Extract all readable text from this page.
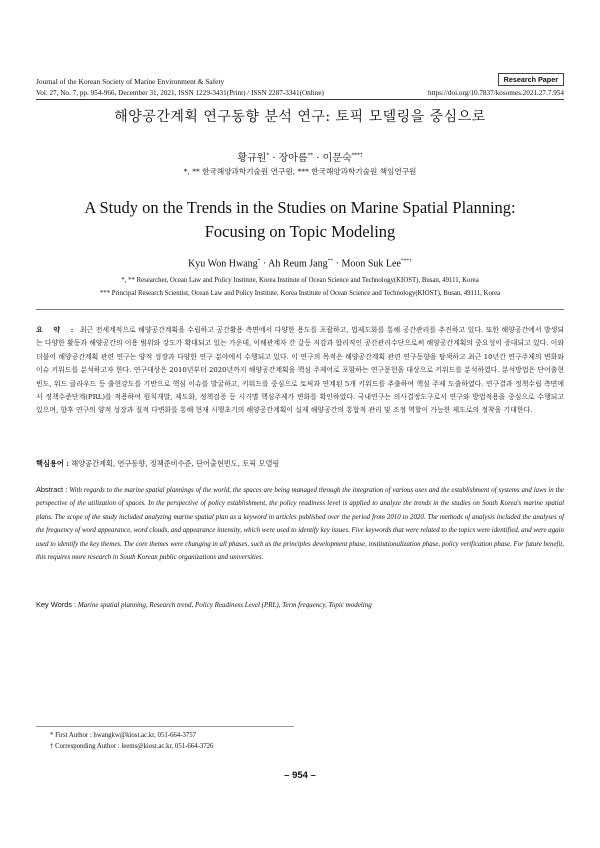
Journal of the Korean Society of Marine Environment & Safety	Research Paper
Vol. 27, No. 7, pp. 954-966, December 31, 2021, ISSN 1229-3431(Print) / ISSN 2287-3341(Online)	https://doi.org/10.7837/kosomes.2021.27.7.954
해양공간계획 연구동향 분석 연구: 토픽 모델링을 중심으로
황규원* · 장아름** · 이문숙***†
*, ** 한국해양과학기술원 연구원, *** 한국해양과학기술원 책임연구원
A Study on the Trends in the Studies on Marine Spatial Planning:
Focusing on Topic Modeling
Kyu Won Hwang* · Ah Reum Jang** · Moon Suk Lee***†
*, ** Researcher, Ocean Law and Policy Institute, Korea Institute of Ocean Science and Technology(KIOST), Busan, 49111, Korea
*** Principal Research Scientist, Ocean Law and Policy Institute, Korea Institute of Ocean Science and Technology(KIOST), Busan, 49111, Korea
요 약 : 최근 전세계적으로 해양공간계획을 수립하고 공간활용 측면에서 다양한 용도를 포괄하고, 법제도화를 통해 공간관리를 추진하고 있다. 또한 해양공간에서 발생되는 다양한 활동과 해양공간의 이용 범위와 강도가 확대되고 있는 가운데, 이해관계자 간 갈등 저감과 합리적인 공간관리수단으로써 해양공간계획의 중요성이 증대되고 있다. 이와 더불어 해양공간계획 관련 연구는 양적 성장과 다양한 연구 분야에서 수행되고 있다. 이 연구의 목적은 해양공간계획 관련 연구동향을 탐색하고 최근 10년간 연구주제의 변화와 이슈 키워드를 분석하고자 한다. 연구대상은 2010년부터 2020년까지 해양공간계획을 핵심 주제어로 포함하는 연구문헌을 대상으로 키워드를 분석하였다. 분석방법은 단어출현빈도, 워드 클라우드 등 출현강도를 기반으로 핵심 이슈를 발굴하고, 키워드를 중심으로 토픽과 연계된 5개 키워드를 추출하여 핵심 주제 도출하였다. 연구결과 정책수립 측면에서 정책수준단계(PRL)를 적용하여 원칙개발, 제도화, 정책검증 등 시기별 핵심주제가 변화를 확인하였다. 국내연구는 의사결정도구로서 연구와 방법적용을 중심으로 수행되고 있으며, 향후 연구의 양적 성장과 질적 다변화를 통해 현재 시행초기의 해양공간계획이 실제 해양공간의 통합적 관리 및 조정 역할이 가능한 제도로의 정착을 기대한다.
핵심용어 : 해양공간계획, 연구동향, 정책준비수준, 단어출현빈도, 토픽 모델링
Abstract : With regards to the marine spatial plannings of the world, the spaces are being managed through the integration of various uses and the establishment of systems and laws in the perspective of the utilization of spaces. In the perspective of policy establishment, the policy readiness level is applied to analyze the trends in the studies on South Korea's marine spatial plans. The scope of the study included analyzing marine spatial plan as a keyword in articles published over the period from 2010 to 2020. The methods of analysis included the analyses of the frequency of word appearance, word clouds, and appearance intensity, which were used to identify key issues. Five keywords that were related to the topics were identified, and were again used to identify the key themes. The core themes were changing in all phases, such as the principles development phase, institutionalization phase, policy verification phase. For future benefit, this requires more research in South Korean public organizations and universities.
Key Words : Marine spatial planning, Research trend, Policy Readiness Level (PRL), Term frequency, Topic modeling
* First Author : hwangkw@kiost.ac.kr, 051-664-3757
† Corresponding Author : leems@kiost.ac.kr, 051-664-3726
– 954 –
